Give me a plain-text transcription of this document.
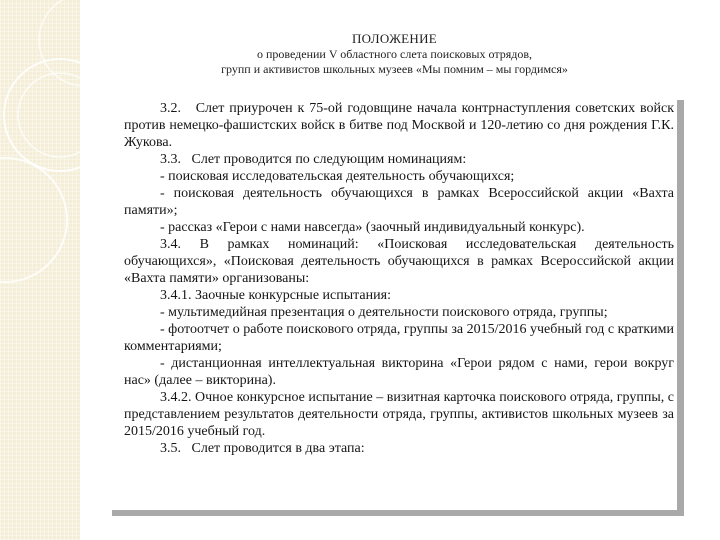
ПОЛОЖЕНИЕ
о проведении V областного слета поисковых отрядов,
групп и активистов школьных музеев «Мы помним – мы гордимся»

3.2.   Слет приурочен к 75-ой годовщине начала контрнаступления советских войск против немецко-фашистских войск в битве под Москвой и 120-летию со дня рождения Г.К. Жукова.

3.3.   Слет проводится по следующим номинациям:

- поисковая исследовательская деятельность обучающихся;

- поисковая деятельность обучающихся в рамках Всероссийской акции «Вахта памяти»;

- рассказ «Герои с нами навсегда» (заочный индивидуальный конкурс).

3.4. В рамках номинаций: «Поисковая исследовательская деятельность обучающихся», «Поисковая деятельность обучающихся в рамках Всероссийской акции «Вахта памяти» организованы:

3.4.1. Заочные конкурсные испытания:

- мультимедийная презентация о деятельности поискового отряда, группы;

- фотоотчет о работе поискового отряда, группы за 2015/2016 учебный год с краткими комментариями;

- дистанционная интеллектуальная викторина «Герои рядом с нами, герои вокруг нас» (далее – викторина).

3.4.2. Очное конкурсное испытание – визитная карточка поискового отряда, группы, с представлением результатов деятельности отряда, группы, активистов школьных музеев за 2015/2016 учебный год.

3.5.   Слет проводится в два этапа:
